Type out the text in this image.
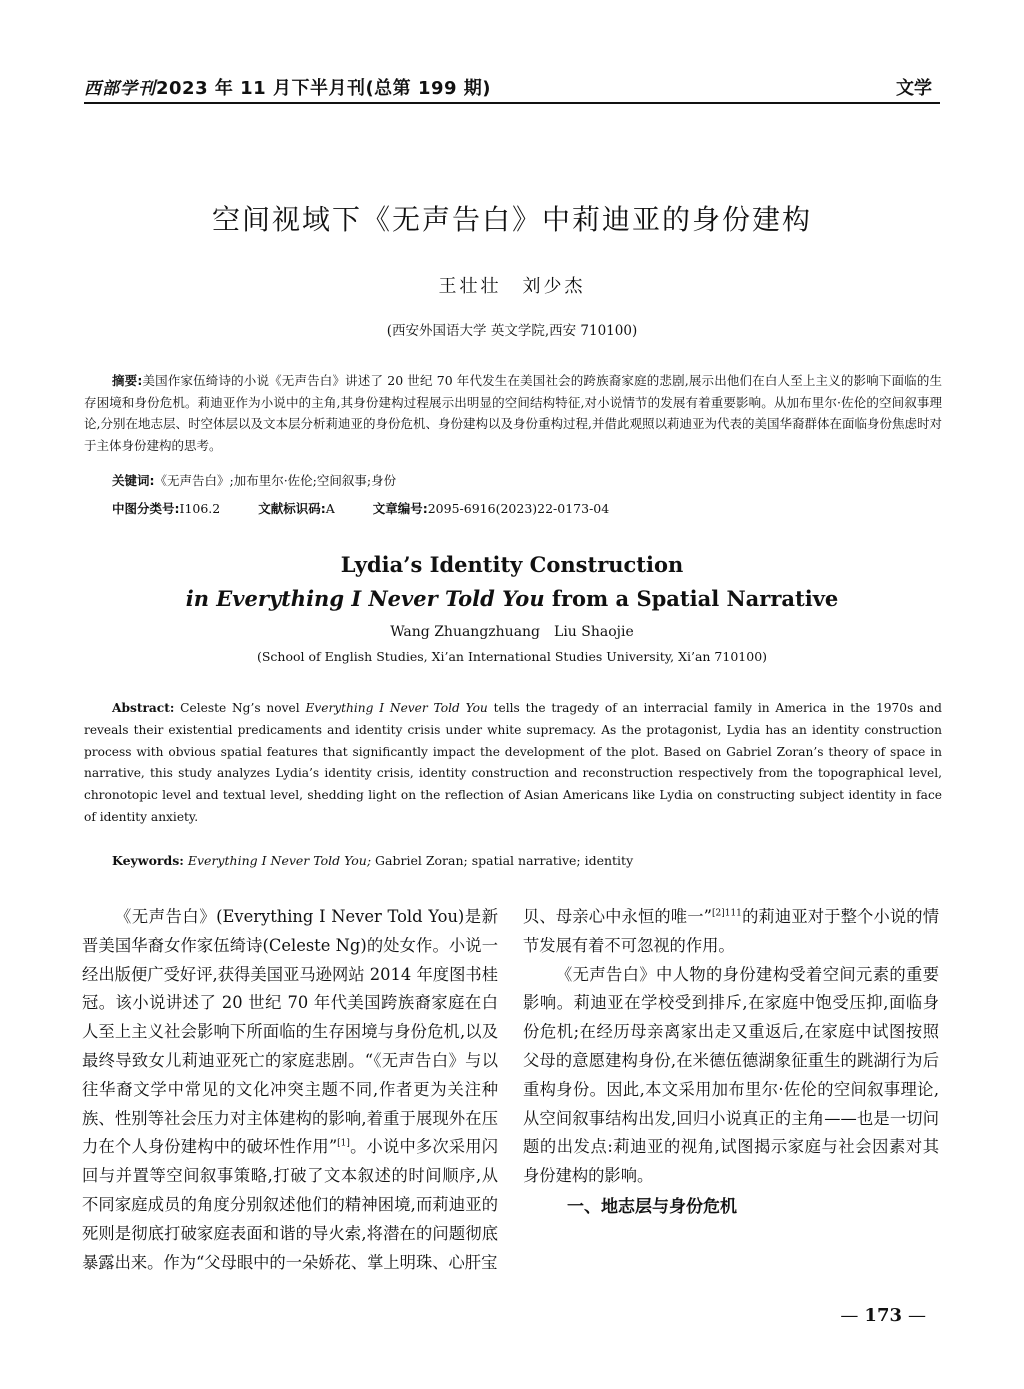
西部学刊2023 年 11 月下半月刊(总第 199 期)	文学
空间视域下《无声告白》中莉迪亚的身份建构
王壮壮　刘少杰
(西安外国语大学 英文学院,西安 710100)
摘要:美国作家伍绮诗的小说《无声告白》讲述了 20 世纪 70 年代发生在美国社会的跨族裔家庭的悲剧,展示出他们在白人至上主义的影响下面临的生存困境和身份危机。莉迪亚作为小说中的主角,其身份建构过程展示出明显的空间结构特征,对小说情节的发展有着重要影响。从加布里尔·佐伦的空间叙事理论,分别在地志层、时空体层以及文本层分析莉迪亚的身份危机、身份建构以及身份重构过程,并借此观照以莉迪亚为代表的美国华裔群体在面临身份焦虑时对于主体身份建构的思考。
关键词:《无声告白》;加布里尔·佐伦;空间叙事;身份
中图分类号:I106.2	文献标识码:A	文章编号:2095-6916(2023)22-0173-04
Lydia’s Identity Construction
in Everything I Never Told You from a Spatial Narrative
Wang Zhuangzhuang　Liu Shaojie
(School of English Studies, Xi’an International Studies University, Xi’an 710100)
Abstract: Celeste Ng’s novel Everything I Never Told You tells the tragedy of an interracial family in America in the 1970s and reveals their existential predicaments and identity crisis under white supremacy. As the protagonist, Lydia has an identity construction process with obvious spatial features that significantly impact the development of the plot. Based on Gabriel Zoran’s theory of space in narrative, this study analyzes Lydia’s identity crisis, identity construction and reconstruction respectively from the topographical level, chronotopic level and textual level, shedding light on the reflection of Asian Americans like Lydia on constructing subject identity in face of identity anxiety.
Keywords: Everything I Never Told You; Gabriel Zoran; spatial narrative; identity

《无声告白》(Everything I Never Told You)是新晋美国华裔女作家伍绮诗(Celeste Ng)的处女作。小说一经出版便广受好评,获得美国亚马逊网站 2014 年度图书桂冠。该小说讲述了 20 世纪 70 年代美国跨族裔家庭在白人至上主义社会影响下所面临的生存困境与身份危机,以及最终导致女儿莉迪亚死亡的家庭悲剧。“《无声告白》与以往华裔文学中常见的文化冲突主题不同,作者更为关注种族、性别等社会压力对主体建构的影响,着重于展现外在压力在个人身份建构中的破坏性作用”[1]。小说中多次采用闪回与并置等空间叙事策略,打破了文本叙述的时间顺序,从不同家庭成员的角度分别叙述他们的精神困境,而莉迪亚的死则是彻底打破家庭表面和谐的导火索,将潜在的问题彻底暴露出来。作为“父母眼中的一朵娇花、掌上明珠、心肝宝

贝、母亲心中永恒的唯一”$^{[2]111}$的莉迪亚对于整个小说的情节发展有着不可忽视的作用。

《无声告白》中人物的身份建构受着空间元素的重要影响。莉迪亚在学校受到排斥,在家庭中饱受压抑,面临身份危机;在经历母亲离家出走又重返后,在家庭中试图按照父母的意愿建构身份,在米德伍德湖象征重生的跳湖行为后重构身份。因此,本文采用加布里尔·佐伦的空间叙事理论,从空间叙事结构出发,回归小说真正的主角——也是一切问题的出发点:莉迪亚的视角,试图揭示家庭与社会因素对其身份建构的影响。

一、地志层与身份危机

— 173 —
